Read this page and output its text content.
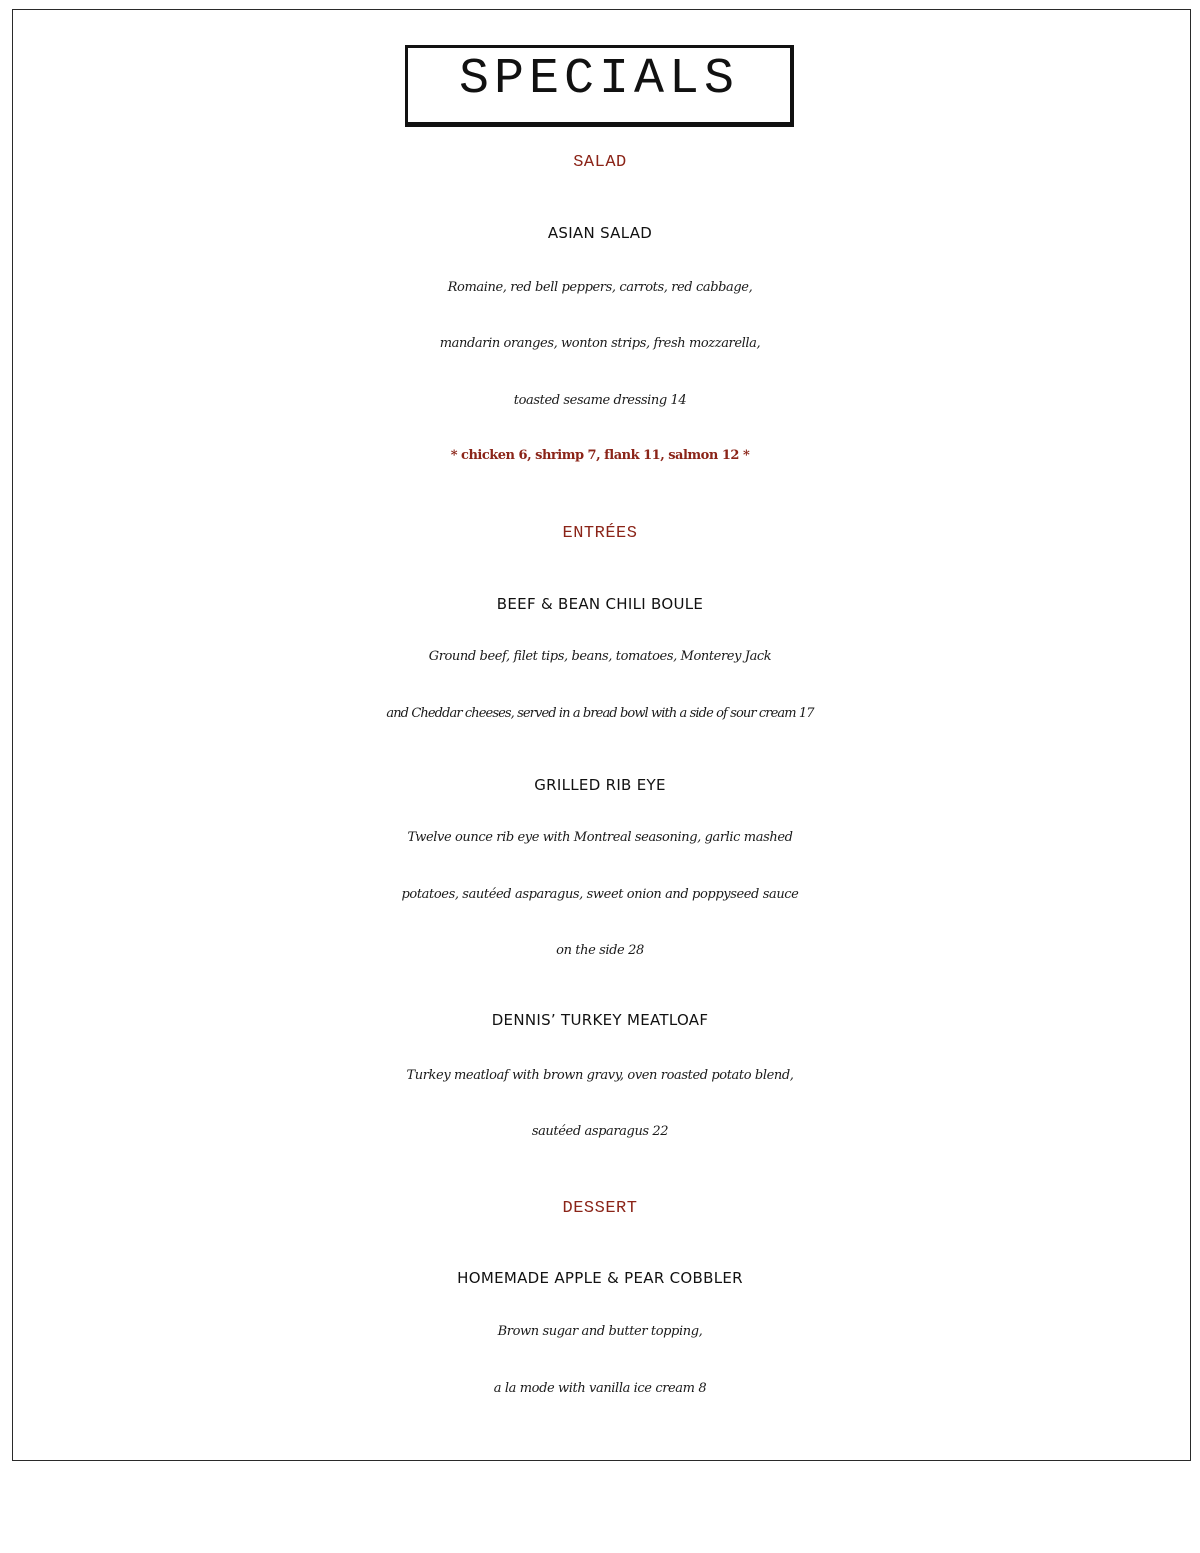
SPECIALS
SALAD
ASIAN SALAD
Romaine, red bell peppers, carrots, red cabbage,
mandarin oranges, wonton strips, fresh mozzarella,
toasted sesame dressing 14
* chicken 6, shrimp 7, flank 11, salmon 12 *
ENTRÉES
BEEF & BEAN CHILI BOULE
Ground beef, filet tips, beans, tomatoes, Monterey Jack
and Cheddar cheeses, served in a bread bowl with a side of sour cream 17
GRILLED RIB EYE
Twelve ounce rib eye with Montreal seasoning, garlic mashed
potatoes, sautéed asparagus, sweet onion and poppyseed sauce
on the side 28
DENNIS’ TURKEY MEATLOAF
Turkey meatloaf with brown gravy, oven roasted potato blend,
sautéed asparagus 22
DESSERT
HOMEMADE APPLE & PEAR COBBLER
Brown sugar and butter topping,
a la mode with vanilla ice cream 8
